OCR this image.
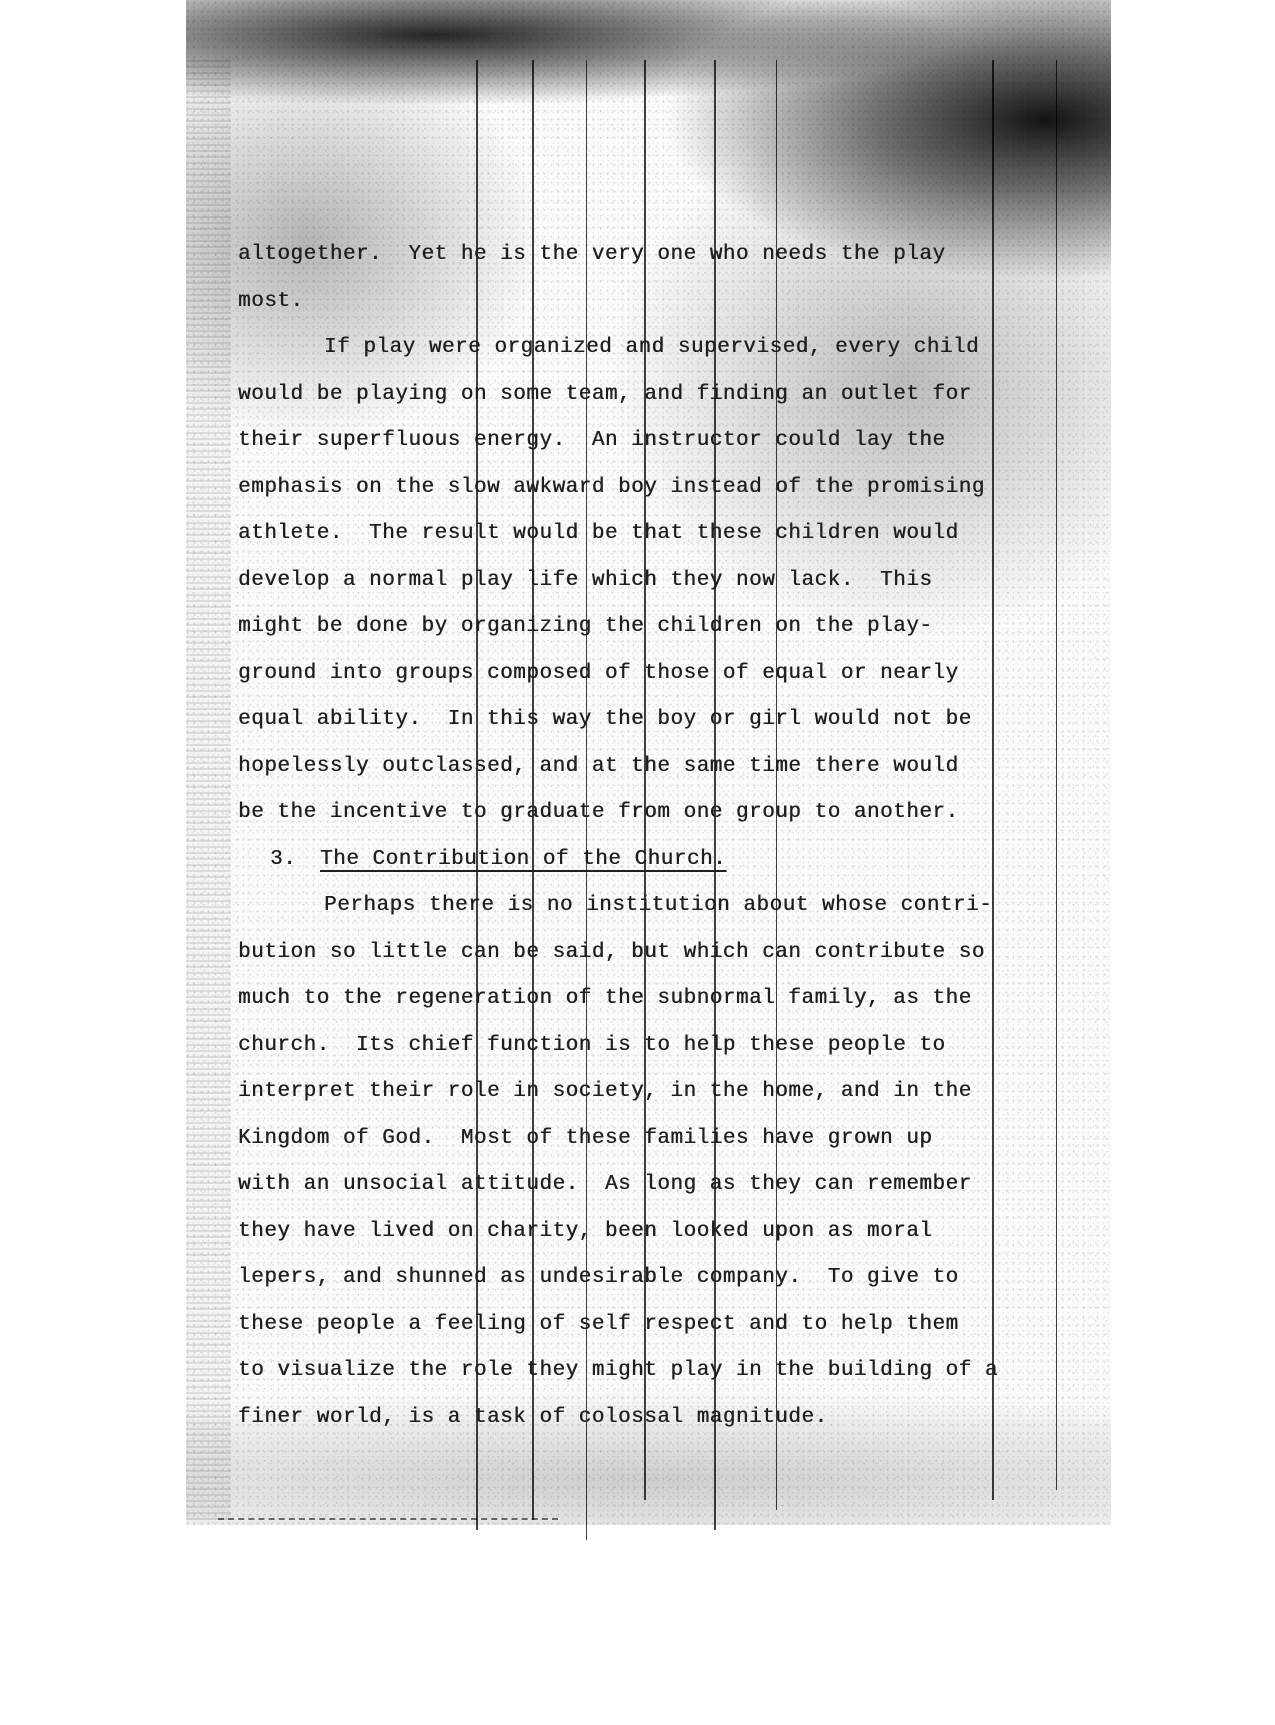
altogether.  Yet he is the very one who needs the play
most.
If play were organized and supervised, every child
would be playing on some team, and finding an outlet for
their superfluous energy.  An instructor could lay the
emphasis on the slow awkward boy instead of the promising
athlete.  The result would be that these children would
develop a normal play life which they now lack.  This
might be done by organizing the children on the play-
ground into groups composed of those of equal or nearly
equal ability.  In this way the boy or girl would not be
hopelessly outclassed, and at the same time there would
be the incentive to graduate from one group to another.
3. The Contribution of the Church.
Perhaps there is no institution about whose contri-
bution so little can be said, but which can contribute so
much to the regeneration of the subnormal family, as the
church.  Its chief function is to help these people to
interpret their role in society, in the home, and in the
Kingdom of God.  Most of these families have grown up
with an unsocial attitude.  As long as they can remember
they have lived on charity, been looked upon as moral
lepers, and shunned as undesirable company.  To give to
these people a feeling of self respect and to help them
to visualize the role they might play in the building of a
finer world, is a task of colossal magnitude.
